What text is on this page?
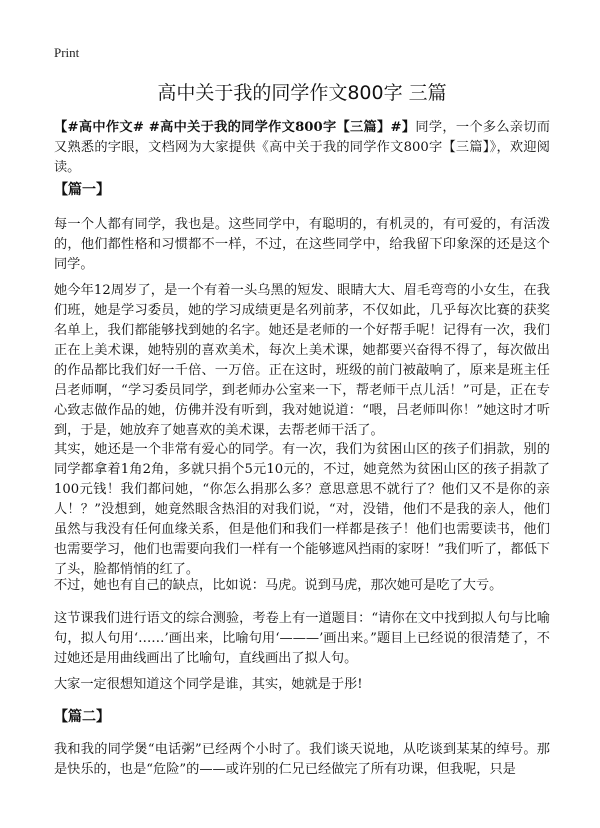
Print
高中关于我的同学作文800字 三篇

【#高中作文# #高中关于我的同学作文800字【三篇】#】同学，一个多么亲切而又熟悉的字眼，文档网为大家提供《高中关于我的同学作文800字【三篇】》，欢迎阅读。

【篇一】

每一个人都有同学，我也是。这些同学中，有聪明的，有机灵的，有可爱的，有活泼的，他们都性格和习惯都不一样，不过，在这些同学中，给我留下印象深的还是这个同学。

她今年12周岁了，是一个有着一头乌黑的短发、眼睛大大、眉毛弯弯的小女生，在我们班，她是学习委员，她的学习成绩更是名列前茅，不仅如此，几乎每次比赛的获奖名单上，我们都能够找到她的名字。她还是老师的一个好帮手呢！记得有一次，我们正在上美术课，她特别的喜欢美术，每次上美术课，她都要兴奋得不得了，每次做出的作品都比我们好一千倍、一万倍。正在这时，班级的前门被敲响了，原来是班主任吕老师啊，“学习委员同学，到老师办公室来一下，帮老师干点儿活！”可是，正在专心致志做作品的她，仿佛并没有听到，我对她说道：“喂，吕老师叫你！”她这时才听到，于是，她放弃了她喜欢的美术课，去帮老师干活了。

其实，她还是一个非常有爱心的同学。有一次，我们为贫困山区的孩子们捐款，别的同学都拿着1角2角，多就只捐个5元10元的，不过，她竟然为贫困山区的孩子捐款了100元钱！我们都问她，“你怎么捐那么多？意思意思不就行了？他们又不是你的亲人！？”没想到，她竟然眼含热泪的对我们说，“对，没错，他们不是我的亲人，他们虽然与我没有任何血缘关系，但是他们和我们一样都是孩子！他们也需要读书，他们也需要学习，他们也需要向我们一样有一个能够遮风挡雨的家呀！”我们听了，都低下了头，脸都悄悄的红了。

不过，她也有自己的缺点，比如说：马虎。说到马虎，那次她可是吃了大亏。

这节课我们进行语文的综合测验，考卷上有一道题目：“请你在文中找到拟人句与比喻句，拟人句用‘……’画出来，比喻句用‘———’画出来。”题目上已经说的很清楚了，不过她还是用曲线画出了比喻句，直线画出了拟人句。

大家一定很想知道这个同学是谁，其实，她就是于彤!

【篇二】

我和我的同学煲“电话粥”已经两个小时了。我们谈天说地，从吃谈到某某的绰号。那是快乐的，也是“危险”的——或许别的仁兄已经做完了所有功课，但我呢，只是
